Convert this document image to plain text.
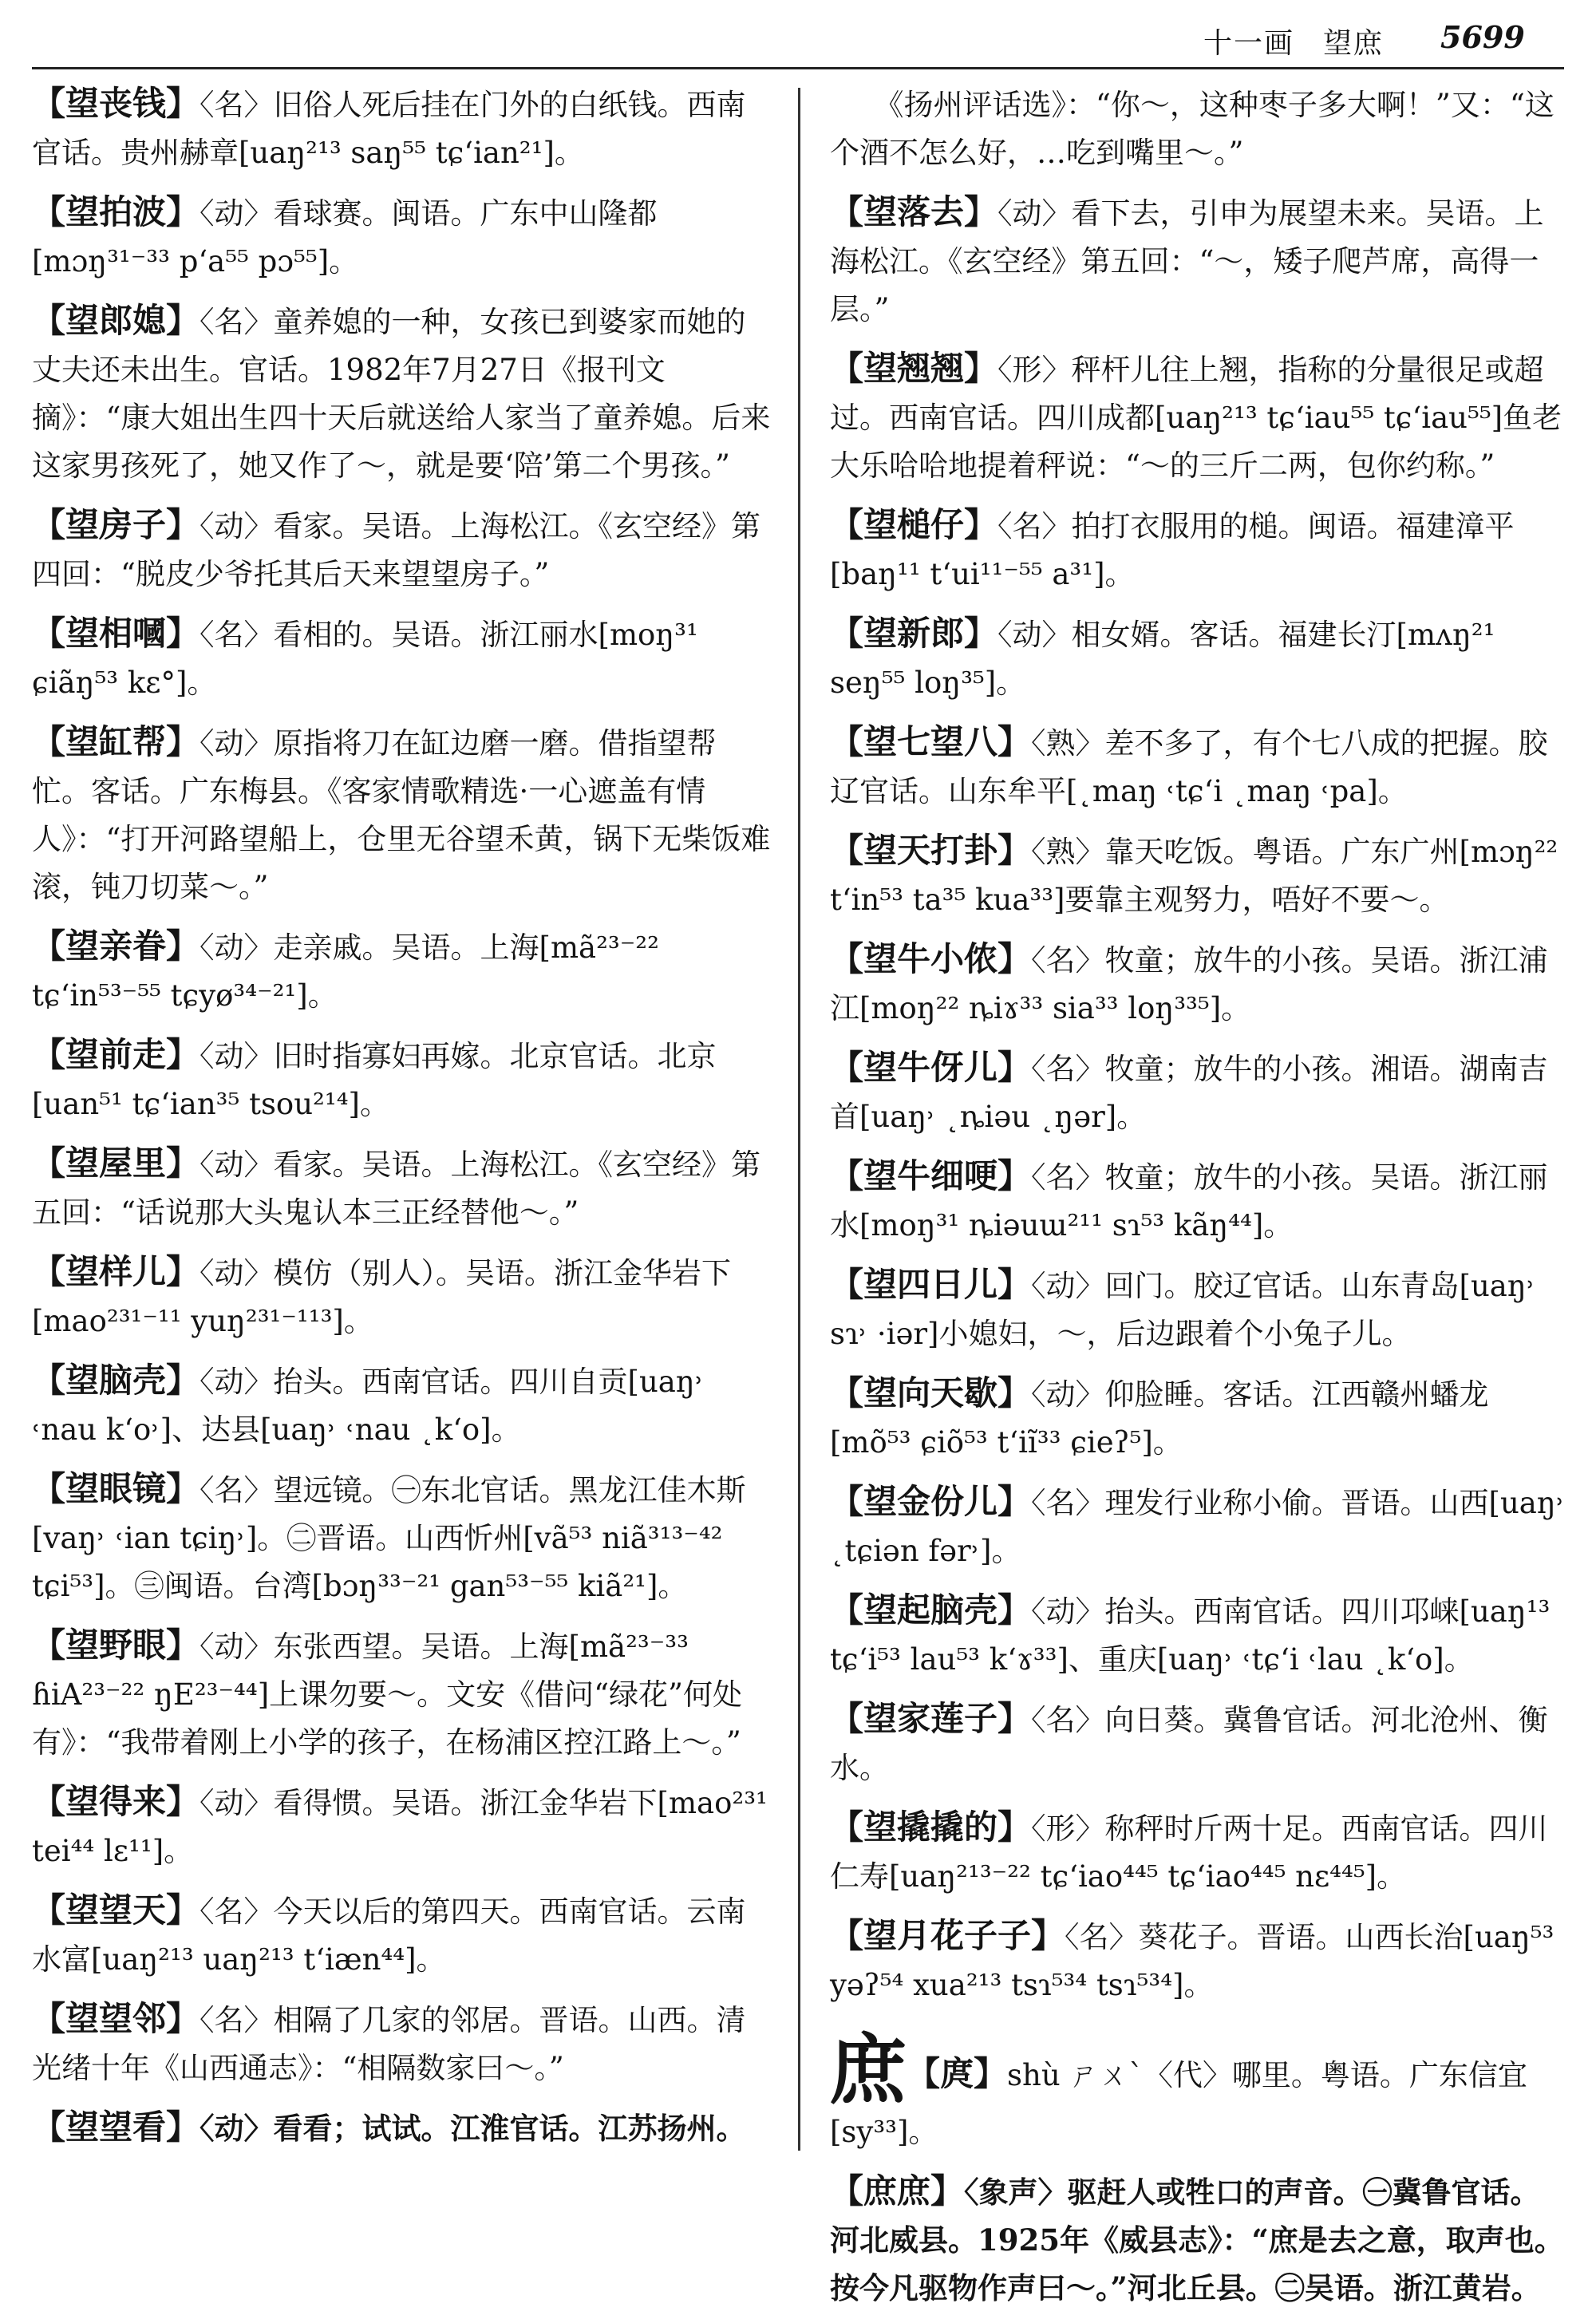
十一画 望庶 5699
【望丧钱】〈名〉旧俗人死后挂在门外的白纸钱。西南官话。贵州赫章[uaŋ²¹³ saŋ⁵⁵ tɕʻian²¹]。
【望拍波】〈动〉看球赛。闽语。广东中山隆都[mɔŋ³¹⁻³³ pʻa⁵⁵ pɔ⁵⁵]。
【望郎媳】〈名〉童养媳的一种，女孩已到婆家而她的丈夫还未出生。官话。1982年7月27日《报刊文摘》：“康大姐出生四十天后就送给人家当了童养媳。后来这家男孩死了，她又作了～，就是要‘陪’第二个男孩。”
【望房子】〈动〉看家。吴语。上海松江。《玄空经》第四回：“脱皮少爷托其后天来望望房子。”
【望相嘓】〈名〉看相的。吴语。浙江丽水[moŋ³¹ ɕiãŋ⁵³ kɛ°]。
【望缸帮】〈动〉原指将刀在缸边磨一磨。借指望帮忙。客话。广东梅县。《客家情歌精选·一心遮盖有情人》：“打开河路望船上，仓里无谷望禾黄，锅下无柴饭难滚，钝刀切菜～。”
【望亲眷】〈动〉走亲戚。吴语。上海[mã²³⁻²² tɕʻin⁵³⁻⁵⁵ tɕyø³⁴⁻²¹]。
【望前走】〈动〉旧时指寡妇再嫁。北京官话。北京[uan⁵¹ tɕʻian³⁵ tsou²¹⁴]。
【望屋里】〈动〉看家。吴语。上海松江。《玄空经》第五回：“话说那大头鬼认本三正经替他～。”
【望样儿】〈动〉模仿（别人）。吴语。浙江金华岩下[mao²³¹⁻¹¹ yuŋ²³¹⁻¹¹³]。
【望脑壳】〈动〉抬头。西南官话。四川自贡[uaŋ˒ ˓nau k‘o˒]、达县[uaŋ˒ ˓nau ˛k‘o]。
【望眼镜】〈名〉望远镜。㊀东北官话。黑龙江佳木斯[vaŋ˒ ˓ian tɕiŋ˒]。㊁晋语。山西忻州[vã⁵³ niã³¹³⁻⁴² tɕi⁵³]。㊂闽语。台湾[bɔŋ³³⁻²¹ gan⁵³⁻⁵⁵ kiã²¹]。
【望野眼】〈动〉东张西望。吴语。上海[mã²³⁻³³ ɦiA²³⁻²² ŋE²³⁻⁴⁴]上课勿要～。文安《借问“绿花”何处有》：“我带着刚上小学的孩子，在杨浦区控江路上～。”
【望得来】〈动〉看得惯。吴语。浙江金华岩下[mao²³¹ tei⁴⁴ lɛ¹¹]。
【望望天】〈名〉今天以后的第四天。西南官话。云南水富[uaŋ²¹³ uaŋ²¹³ tʻiæn⁴⁴]。
【望望邻】〈名〉相隔了几家的邻居。晋语。山西。清光绪十年《山西通志》：“相隔数家曰～。”
【望望看】〈动〉看看；试试。江淮官话。江苏扬州。
《扬州评话选》：“你～，这种枣子多大啊！”又：“这个酒不怎么好，…吃到嘴里～。”
【望落去】〈动〉看下去，引申为展望未来。吴语。上海松江。《玄空经》第五回：“～，矮子爬芦席，高得一层。”
【望翘翘】〈形〉秤杆儿往上翘，指称的分量很足或超过。西南官话。四川成都[uaŋ²¹³ tɕʻiau⁵⁵ tɕʻiau⁵⁵]鱼老大乐哈哈地提着秤说：“～的三斤二两，包你约称。”
【望槌仔】〈名〉拍打衣服用的槌。闽语。福建漳平[baŋ¹¹ tʻui¹¹⁻⁵⁵ a³¹]。
【望新郎】〈动〉相女婿。客话。福建长汀[mʌŋ²¹ seŋ⁵⁵ loŋ³⁵]。
【望七望八】〈熟〉差不多了，有个七八成的把握。胶辽官话。山东牟平[˛maŋ ˓tɕʻi ˛maŋ ˓pa]。
【望天打卦】〈熟〉靠天吃饭。粤语。广东广州[mɔŋ²² tʻin⁵³ ta³⁵ kua³³]要靠主观努力，唔好不要～。
【望牛小侬】〈名〉牧童；放牛的小孩。吴语。浙江浦江[moŋ²² ȵiɤ³³ sia³³ loŋ³³⁵]。
【望牛伢儿】〈名〉牧童；放牛的小孩。湘语。湖南吉首[uaŋ˒ ˛ȵiəu ˛ŋər]。
【望牛细哽】〈名〉牧童；放牛的小孩。吴语。浙江丽水[moŋ³¹ ȵiəuɯ²¹¹ sɿ⁵³ kãŋ⁴⁴]。
【望四日儿】〈动〉回门。胶辽官话。山东青岛[uaŋ˒ sɿ˒ ·iər]小媳妇，～，后边跟着个小兔子儿。
【望向天歇】〈动〉仰脸睡。客话。江西赣州蟠龙[mõ⁵³ ɕiõ⁵³ tʻiĩ³³ ɕieʔ⁵]。
【望金份儿】〈名〉理发行业称小偷。晋语。山西[uaŋ˒ ˛tɕiən fər˒]。
【望起脑壳】〈动〉抬头。西南官话。四川邛崃[uaŋ¹³ tɕʻi⁵³ lau⁵³ kʻɤ³³]、重庆[uaŋ˒ ˓tɕʻi ˓lau ˛kʻo]。
【望家莲子】〈名〉向日葵。冀鲁官话。河北沧州、衡水。
【望撬撬的】〈形〉称秤时斤两十足。西南官话。四川仁寿[uaŋ²¹³⁻²² tɕʻiao⁴⁴⁵ tɕʻiao⁴⁴⁵ nɛ⁴⁴⁵]。
【望月花子子】〈名〉葵花子。晋语。山西长治[uaŋ⁵³ yəʔ⁵⁴ xua²¹³ tsɿ⁵³⁴ tsɿ⁵³⁴]。
庶【庹】shù ㄕㄨˋ〈代〉哪里。粤语。广东信宜[sy³³]。
【庶庶】〈象声〉驱赶人或牲口的声音。㊀冀鲁官话。河北威县。1925年《威县志》：“庶是去之意，取声也。按今凡驱物作声曰～。”河北丘县。㊁吴语。浙江黄岩。
